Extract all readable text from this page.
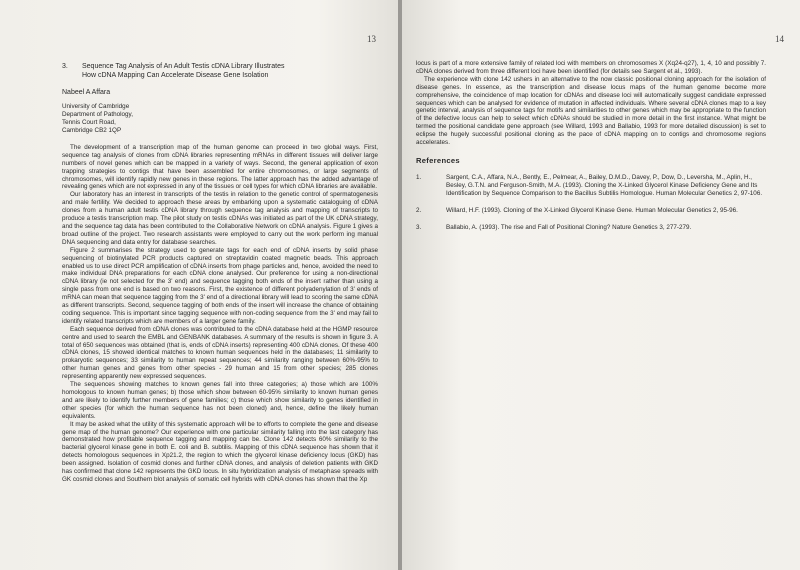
13
3. Sequence Tag Analysis of An Adult Testis cDNA Library Illustrates
How cDNA Mapping Can Accelerate Disease Gene Isolation
Nabeel A Affara
University of Cambridge
Department of Pathology,
Tennis Court Road,
Cambridge CB2 1QP

The development of a transcription map of the human genome can proceed in two global ways. First, sequence tag analysis of clones from cDNA libraries representing mRNAs in different tissues will deliver large numbers of novel genes which can be mapped in a variety of ways. Second, the general application of exon trapping strategies to contigs that have been assembled for entire chromosomes, or large segments of chromosomes, will identify rapidly new genes in these regions. The latter approach has the added advantage of revealing genes which are not expressed in any of the tissues or cell types for which cDNA libraries are available.

Our laboratory has an interest in transcripts of the testis in relation to the genetic control of spermatogenesis and male fertility. We decided to approach these areas by embarking upon a systematic cataloguing of cDNA clones from a human adult testis cDNA library through sequence tag analysis and mapping of transcripts to produce a testis transcription map. The pilot study on testis cDNAs was initiated as part of the UK cDNA strategy, and the sequence tag data has been contributed to the Collaborative Network on cDNA analysis. Figure 1 gives a broad outline of the project. Two research assistants were employed to carry out the work perform ing manual DNA sequencing and data entry for database searches.

Figure 2 summarises the strategy used to generate tags for each end of cDNA inserts by solid phase sequencing of biotinylated PCR products captured on streptavidin coated magnetic beads. This approach enabled us to use direct PCR amplification of cDNA inserts from phage particles and, hence, avoided the need to make individual DNA preparations for each cDNA clone analysed. Our preference for using a non-directional cDNA library (ie not selected for the 3' end) and sequence tagging both ends of the insert rather than using a single pass from one end is based on two reasons. First, the existence of different polyadenylation of 3' ends of mRNA can mean that sequence tagging from the 3' end of a directional library will lead to scoring the same cDNA as different transcripts. Second, sequence tagging of both ends of the insert will increase the chance of obtaining coding sequence. This is important since tagging sequence with non-coding sequence from the 3' end may fail to identify related transcripts which are members of a larger gene family.

Each sequence derived from cDNA clones was contributed to the cDNA database held at the HGMP resource centre and used to search the EMBL and GENBANK databases. A summary of the results is shown in figure 3. A total of 650 sequences was obtained (that is, ends of cDNA inserts) representing 400 cDNA clones. Of these 400 cDNA clones, 15 showed identical matches to known human sequences held in the databases; 11 similarity to prokaryotic sequences; 33 similarity to human repeat sequences; 44 similarity ranging between 60%-95% to other human genes and genes from other species - 29 human and 15 from other species; 285 clones representing apparently new expressed sequences.

The sequences showing matches to known genes fall into three categories; a) those which are 100% homologous to known human genes; b) those which show between 60-95% similarity to known human genes and are likely to identify further members of gene families; c) those which show similarity to genes identified in other species (for which the human sequence has not been cloned) and, hence, define the likely human equivalents.

It may be asked what the utility of this systematic approach will be to efforts to complete the gene and disease gene map of the human genome? Our experience with one particular similarity falling into the last category has demonstrated how profitable sequence tagging and mapping can be. Clone 142 detects 60% similarity to the bacterial glycerol kinase gene in both E. coli and B. subtilis. Mapping of this cDNA sequence has shown that it detects homologous sequences in Xp21.2, the region to which the glycerol kinase deficiency locus (GKD) has been assigned. Isolation of cosmid clones and further cDNA clones, and analysis of deletion patients with GKD has confirmed that clone 142 represents the GKD locus. In situ hybridization analysis of metaphase spreads with GK cosmid clones and Southern blot analysis of somatic cell hybrids with cDNA clones has shown that the Xp

14

locus is part of a more extensive family of related loci with members on chromosomes X (Xq24-q27), 1, 4, 10 and possibly 7. cDNA clones derived from three different loci have been identified (for details see Sargent et al., 1993).

The experience with clone 142 ushers in an alternative to the now classic positional cloning approach for the isolation of disease genes. In essence, as the transcription and disease locus maps of the human genome become more comprehensive, the coincidence of map location for cDNAs and disease loci will automatically suggest candidate expressed sequences which can be analysed for evidence of mutation in affected individuals. Where several cDNA clones map to a key genetic interval, analysis of sequence tags for motifs and similarities to other genes which may be appropriate to the function of the defective locus can help to select which cDNAs should be studied in more detail in the first instance. What might be termed the positional candidate gene approach (see Willard, 1993 and Ballabio, 1993 for more detailed discussion) is set to eclipse the hugely successful positional cloning as the pace of cDNA mapping on to contigs and chromosome regions accelerates.

References
1.	Sargent, C.A., Affara, N.A., Bently, E., Pelmear, A., Bailey, D.M.D., Davey, P., Dow, D., Leversha, M., Aplin, H., Besley, G.T.N. and Ferguson-Smith, M.A. (1993). Cloning the X-Linked Glycerol Kinase Deficiency Gene and Its Identification by Sequence Comparison to the Bacillus Subtilis Homologue. Human Molecular Genetics 2, 97-106.
2.	Willard, H.F. (1993). Cloning of the X-Linked Glycerol Kinase Gene. Human Molecular Genetics 2, 95-96.
3.	Ballabio, A. (1993). The rise and Fall of Positional Cloning? Nature Genetics 3, 277-279.
